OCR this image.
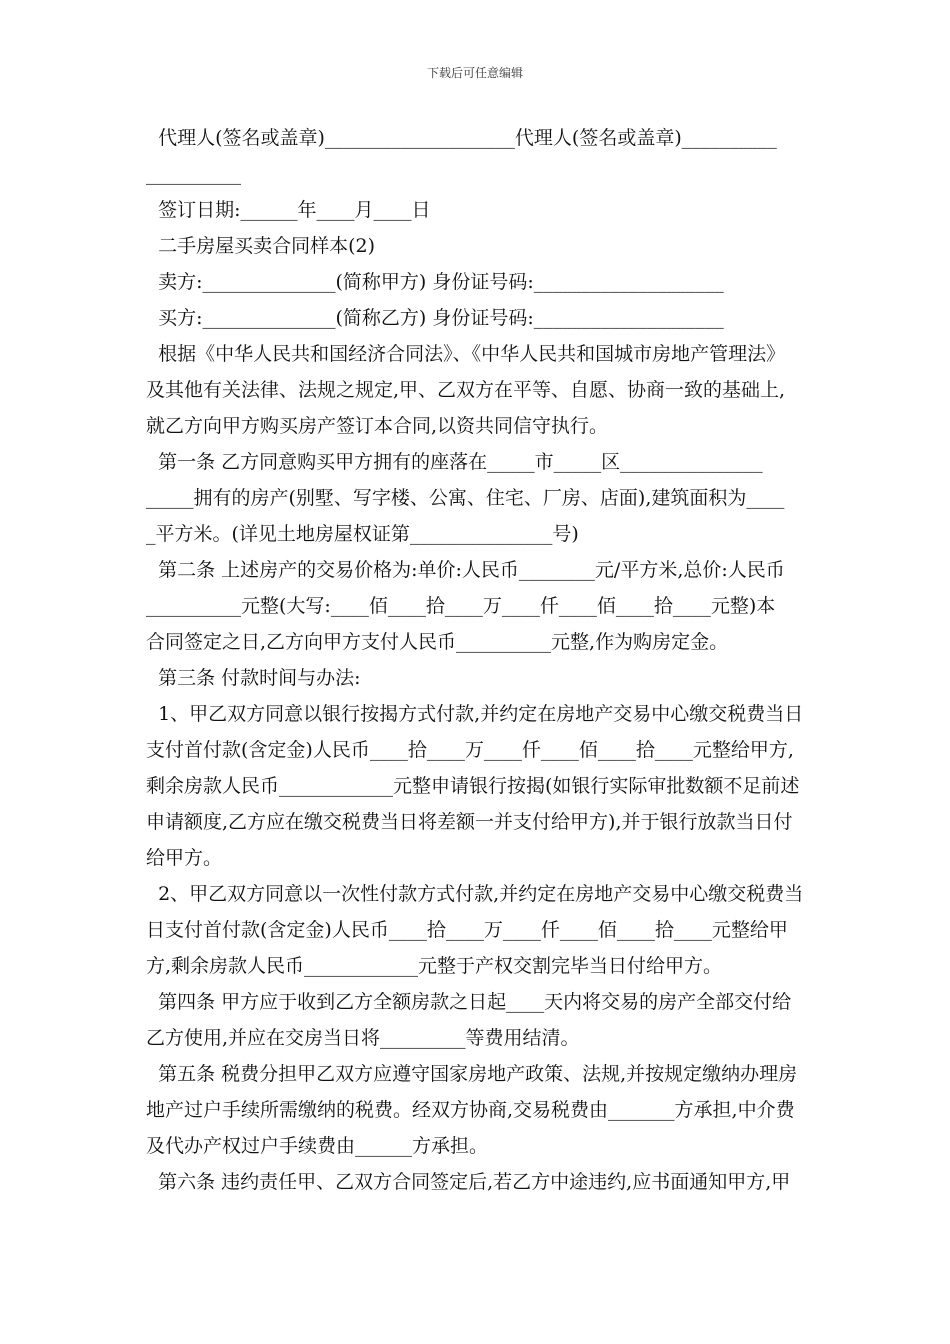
下载后可任意编辑
代理人(签名或盖章)____________________代理人(签名或盖章)__________
__________
签订日期:______年____月____日
二手房屋买卖合同样本(2)
卖方:______________(简称甲方) 身份证号码:____________________
买方:______________(简称乙方) 身份证号码:____________________
根据《中华人民共和国经济合同法》、《中华人民共和国城市房地产管理法》
及其他有关法律、法规之规定,甲、乙双方在平等、自愿、协商一致的基础上,
就乙方向甲方购买房产签订本合同,以资共同信守执行。
第一条 乙方同意购买甲方拥有的座落在_____市_____区_______________
_____拥有的房产(别墅、写字楼、公寓、住宅、厂房、店面),建筑面积为____
_平方米。(详见土地房屋权证第_______________号)
第二条 上述房产的交易价格为:单价:人民币________元/平方米,总价:人民币
__________元整(大写:____佰____拾____万____仟____佰____拾____元整)本
合同签定之日,乙方向甲方支付人民币__________元整,作为购房定金。
第三条 付款时间与办法:
1、甲乙双方同意以银行按揭方式付款,并约定在房地产交易中心缴交税费当日
支付首付款(含定金)人民币____拾____万____仟____佰____拾____元整给甲方,
剩余房款人民币____________元整申请银行按揭(如银行实际审批数额不足前述
申请额度,乙方应在缴交税费当日将差额一并支付给甲方),并于银行放款当日付
给甲方。
2、甲乙双方同意以一次性付款方式付款,并约定在房地产交易中心缴交税费当
日支付首付款(含定金)人民币____拾____万____仟____佰____拾____元整给甲
方,剩余房款人民币____________元整于产权交割完毕当日付给甲方。
第四条 甲方应于收到乙方全额房款之日起____天内将交易的房产全部交付给
乙方使用,并应在交房当日将_________等费用结清。
第五条 税费分担甲乙双方应遵守国家房地产政策、法规,并按规定缴纳办理房
地产过户手续所需缴纳的税费。经双方协商,交易税费由_______方承担,中介费
及代办产权过户手续费由______方承担。
第六条 违约责任甲、乙双方合同签定后,若乙方中途违约,应书面通知甲方,甲
